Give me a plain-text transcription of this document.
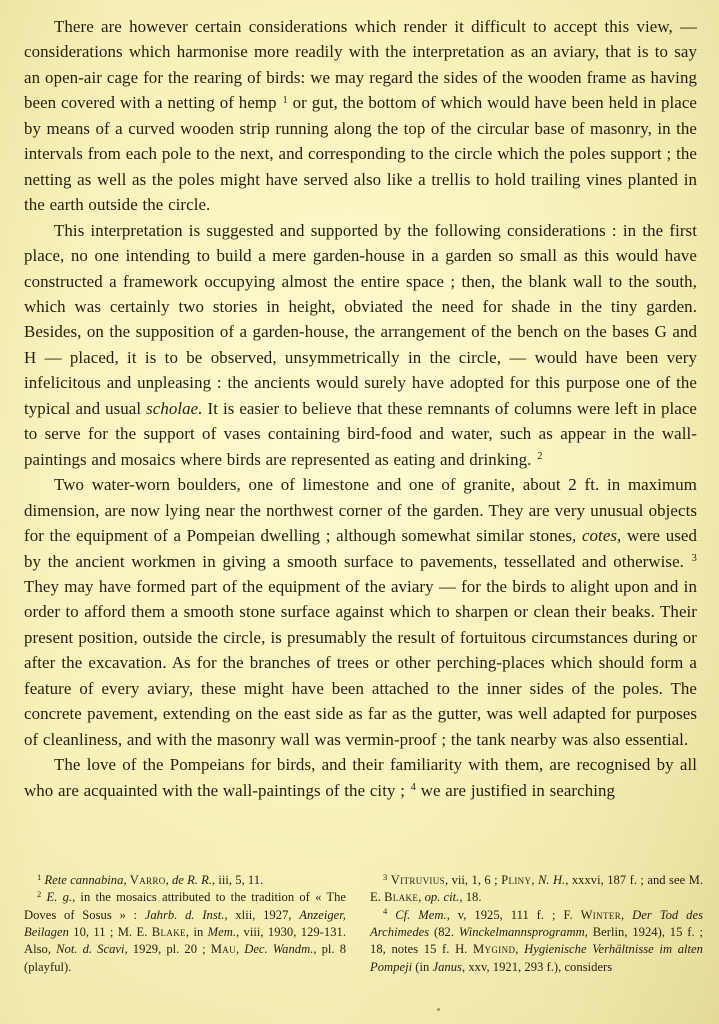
There are however certain considerations which render it difficult to accept this view, — considerations which harmonise more readily with the interpretation as an aviary, that is to say an open-air cage for the rearing of birds: we may regard the sides of the wooden frame as having been covered with a netting of hemp $^1$ or gut, the bottom of which would have been held in place by means of a curved wooden strip running along the top of the circular base of masonry, in the intervals from each pole to the next, and corresponding to the circle which the poles support ; the netting as well as the poles might have served also like a trellis to hold trailing vines planted in the earth outside the circle.

This interpretation is suggested and supported by the following considerations : in the first place, no one intending to build a mere garden-house in a garden so small as this would have constructed a framework occupying almost the entire space ; then, the blank wall to the south, which was certainly two stories in height, obviated the need for shade in the tiny garden. Besides, on the supposition of a garden-house, the arrangement of the bench on the bases G and H — placed, it is to be observed, unsymmetrically in the circle, — would have been very infelicitous and unpleasing : the ancients would surely have adopted for this purpose one of the typical and usual scholae. It is easier to believe that these remnants of columns were left in place to serve for the support of vases containing bird-food and water, such as appear in the wall-paintings and mosaics where birds are represented as eating and drinking. $^2$

Two water-worn boulders, one of limestone and one of granite, about 2 ft. in maximum dimension, are now lying near the northwest corner of the garden. They are very unusual objects for the equipment of a Pompeian dwelling ; although somewhat similar stones, cotes, were used by the ancient workmen in giving a smooth surface to pavements, tessellated and otherwise. $^3$ They may have formed part of the equipment of the aviary — for the birds to alight upon and in order to afford them a smooth stone surface against which to sharpen or clean their beaks. Their present position, outside the circle, is presumably the result of fortuitous circumstances during or after the excavation. As for the branches of trees or other perching-places which should form a feature of every aviary, these might have been attached to the inner sides of the poles. The concrete pavement, extending on the east side as far as the gutter, was well adapted for purposes of cleanliness, and with the masonry wall was vermin-proof ; the tank nearby was also essential.

The love of the Pompeians for birds, and their familiarity with them, are recognised by all who are acquainted with the wall-paintings of the city ; $^4$ we are justified in searching

$^1$ Rete cannabina, Varro, de R. R., iii, 5, 11.

$^2$ E. g., in the mosaics attributed to the tradition of « The Doves of Sosus » : Jahrb. d. Inst., xlii, 1927, Anzeiger, Beilagen 10, 11 ; M. E. Blake, in Mem., viii, 1930, 129-131. Also, Not. d. Scavi, 1929, pl. 20 ; Mau, Dec. Wandm., pl. 8 (playful).

$^3$ Vitruvius, vii, 1, 6 ; Pliny, N. H., xxxvi, 187 f. ; and see M. E. Blake, op. cit., 18.

$^4$ Cf. Mem., v, 1925, 111 f. ; F. Winter, Der Tod des Archimedes (82. Winckelmannsprogramm, Berlin, 1924), 15 f. ; 18, notes 15 f. H. Mygind, Hygienische Verhältnisse im alten Pompeji (in Janus, xxv, 1921, 293 f.), considers
